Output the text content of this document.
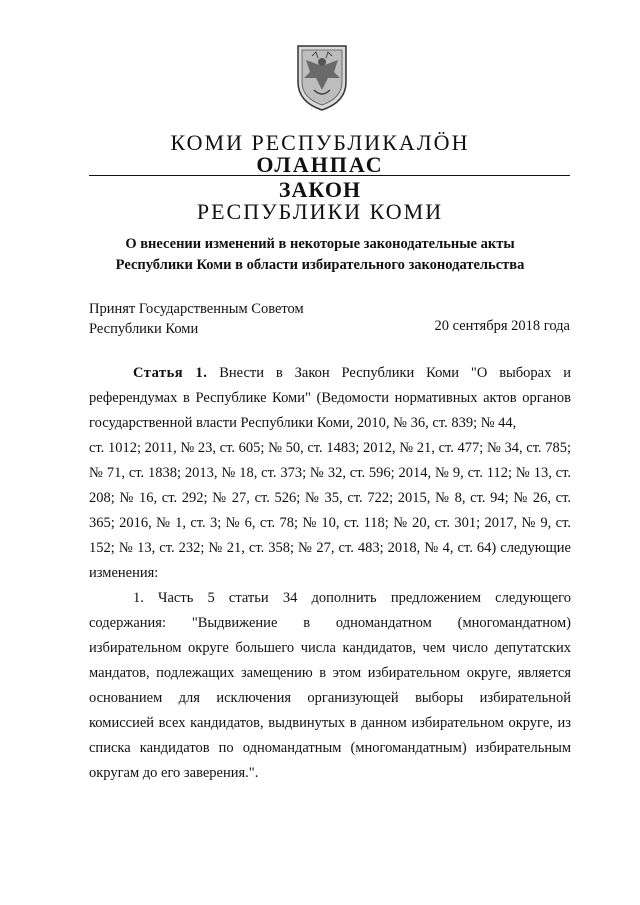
КОМИ РЕСПУБЛИКАЛӦН
ОЛАНПАС
ЗАКОН
РЕСПУБЛИКИ КОМИ
О внесении изменений в некоторые законодательные акты
Республики Коми в области избирательного законодательства
Принят Государственным Советом
Республики Коми	20 сентября 2018 года

Статья 1. Внести в Закон Республики Коми "О выборах и референдумах в Республике Коми" (Ведомости нормативных актов органов государственной власти Республики Коми, 2010, № 36, ст. 839; № 44,

ст. 1012; 2011, № 23, ст. 605; № 50, ст. 1483; 2012, № 21, ст. 477; № 34, ст. 785; № 71, ст. 1838; 2013, № 18, ст. 373; № 32, ст. 596; 2014, № 9, ст. 112; № 13, ст. 208; № 16, ст. 292; № 27, ст. 526; № 35, ст. 722; 2015, № 8, ст. 94; № 26, ст. 365; 2016, № 1, ст. 3; № 6, ст. 78; № 10, ст. 118; № 20, ст. 301; 2017, № 9, ст. 152; № 13, ст. 232; № 21, ст. 358; № 27, ст. 483; 2018, № 4, ст. 64) следующие изменения:

1. Часть 5 статьи 34 дополнить предложением следующего содержания: "Выдвижение в одномандатном (многомандатном) избирательном округе большего числа кандидатов, чем число депутатских мандатов, подлежащих замещению в этом избирательном округе, является основанием для исключения организующей выборы избирательной комиссией всех кандидатов, выдвинутых в данном избирательном округе, из списка кандидатов по одномандатным (многомандатным) избирательным округам до его заверения.".
